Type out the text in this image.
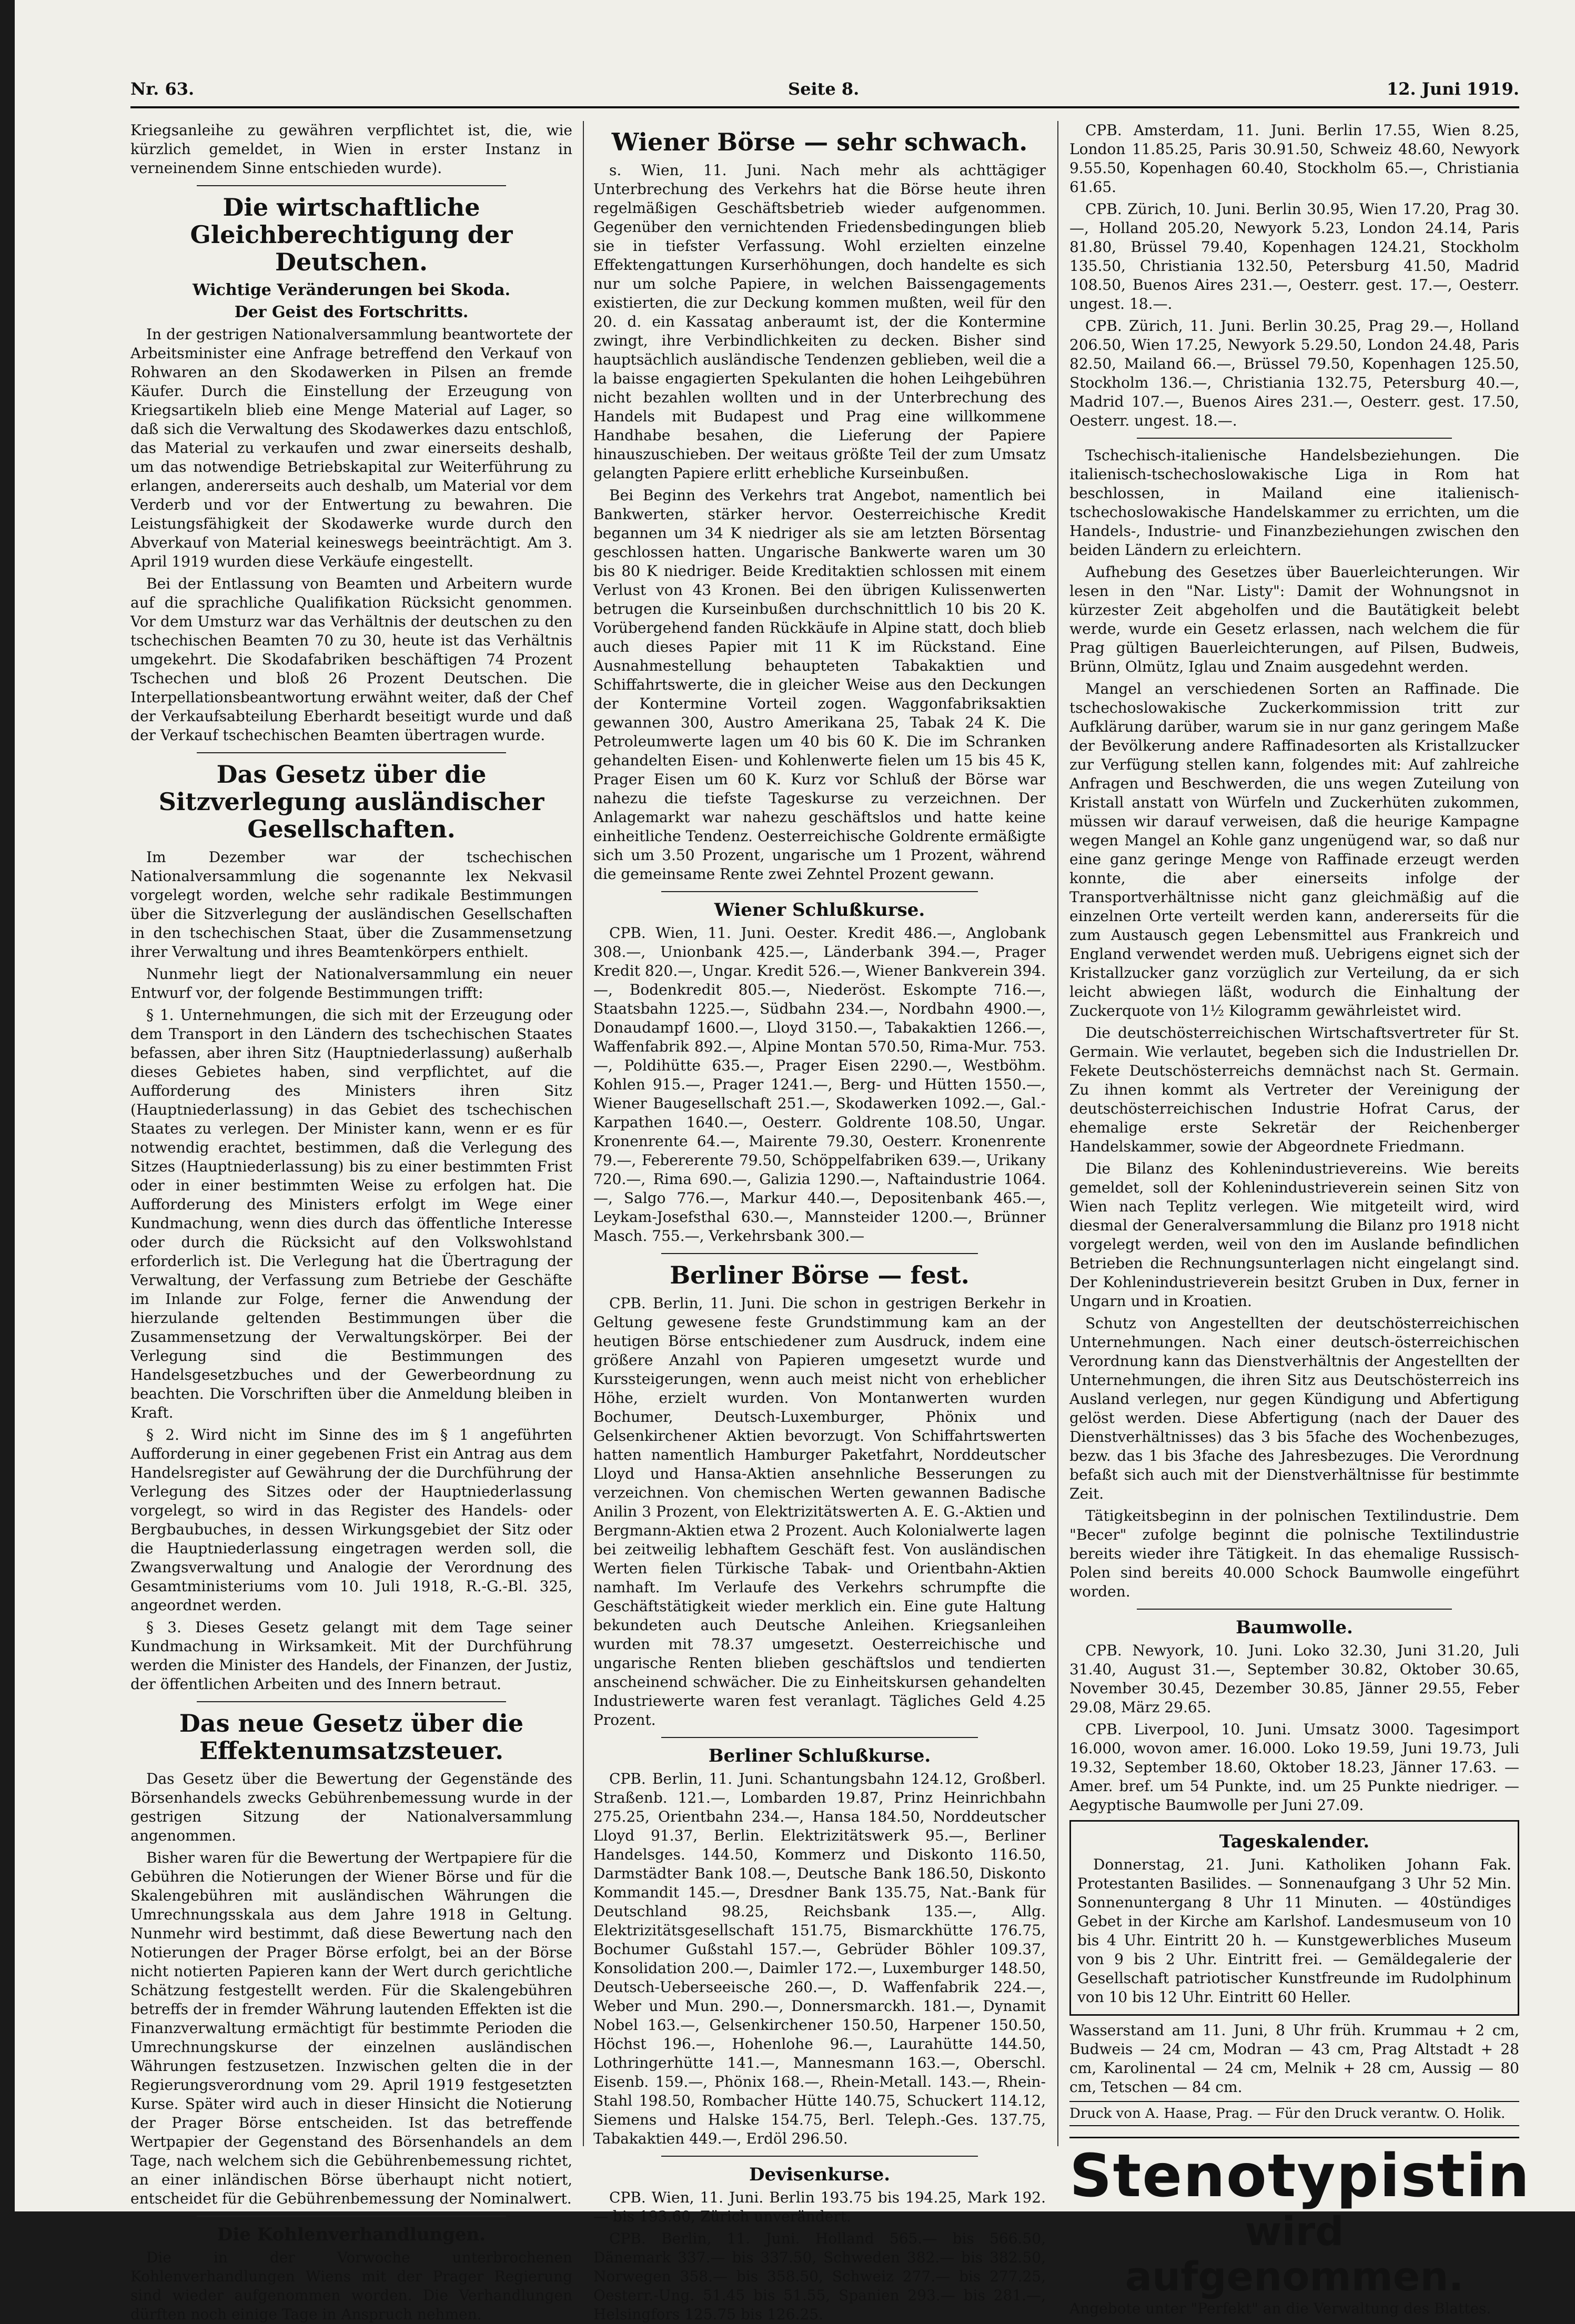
Nr. 63.	Seite 8.	12. Juni 1919.

Kriegsanleihe zu gewähren verpflichtet ist, die, wie kürzlich gemeldet, in Wien in erster Instanz in verneinendem Sinne entschieden wurde).

Die wirtschaftliche Gleichberechtigung der Deutschen.
Wichtige Veränderungen bei Skoda.
Der Geist des Fortschritts.

In der gestrigen Nationalversammlung beantwortete der Arbeitsminister eine Anfrage betreffend den Verkauf von Rohwaren an den Skodawerken in Pilsen an fremde Käufer. Durch die Einstellung der Erzeugung von Kriegsartikeln blieb eine Menge Material auf Lager, so daß sich die Verwaltung des Skodawerkes dazu entschloß, das Material zu verkaufen und zwar einerseits deshalb, um das notwendige Betriebskapital zur Weiterführung zu erlangen, andererseits auch deshalb, um Material vor dem Verderb und vor der Entwertung zu bewahren. Die Leistungsfähigkeit der Skodawerke wurde durch den Abverkauf von Material keineswegs beeinträchtigt. Am 3. April 1919 wurden diese Verkäufe eingestellt.

Bei der Entlassung von Beamten und Arbeitern wurde auf die sprachliche Qualifikation Rücksicht genommen. Vor dem Umsturz war das Verhältnis der deutschen zu den tschechischen Beamten 70 zu 30, heute ist das Verhältnis umgekehrt. Die Skodafabriken beschäftigen 74 Prozent Tschechen und bloß 26 Prozent Deutschen. Die Interpellationsbeantwortung erwähnt weiter, daß der Chef der Verkaufsabteilung Eberhardt beseitigt wurde und daß der Verkauf tschechischen Beamten übertragen wurde.

Das Gesetz über die Sitzverlegung ausländischer Gesellschaften.

Im Dezember war der tschechischen Nationalversammlung die sogenannte lex Nekvasil vorgelegt worden, welche sehr radikale Bestimmungen über die Sitzverlegung der ausländischen Gesellschaften in den tschechischen Staat, über die Zusammensetzung ihrer Verwaltung und ihres Beamtenkörpers enthielt.

Nunmehr liegt der Nationalversammlung ein neuer Entwurf vor, der folgende Bestimmungen trifft:

§ 1. Unternehmungen, die sich mit der Erzeugung oder dem Transport in den Ländern des tschechischen Staates befassen, aber ihren Sitz (Hauptniederlassung) außerhalb dieses Gebietes haben, sind verpflichtet, auf die Aufforderung des Ministers ihren Sitz (Hauptniederlassung) in das Gebiet des tschechischen Staates zu verlegen. Der Minister kann, wenn er es für notwendig erachtet, bestimmen, daß die Verlegung des Sitzes (Hauptniederlassung) bis zu einer bestimmten Frist oder in einer bestimmten Weise zu erfolgen hat. Die Aufforderung des Ministers erfolgt im Wege einer Kundmachung, wenn dies durch das öffentliche Interesse oder durch die Rücksicht auf den Volkswohlstand erforderlich ist. Die Verlegung hat die Übertragung der Verwaltung, der Verfassung zum Betriebe der Geschäfte im Inlande zur Folge, ferner die Anwendung der hierzulande geltenden Bestimmungen über die Zusammensetzung der Verwaltungskörper. Bei der Verlegung sind die Bestimmungen des Handelsgesetzbuches und der Gewerbeordnung zu beachten. Die Vorschriften über die Anmeldung bleiben in Kraft.

§ 2. Wird nicht im Sinne des im § 1 angeführten Aufforderung in einer gegebenen Frist ein Antrag aus dem Handelsregister auf Gewährung der die Durchführung der Verlegung des Sitzes oder der Hauptniederlassung vorgelegt, so wird in das Register des Handels- oder Bergbaubuches, in dessen Wirkungsgebiet der Sitz oder die Hauptniederlassung eingetragen werden soll, die Zwangsverwaltung und Analogie der Verordnung des Gesamtministeriums vom 10. Juli 1918, R.-G.-Bl. 325, angeordnet werden.

§ 3. Dieses Gesetz gelangt mit dem Tage seiner Kundmachung in Wirksamkeit. Mit der Durchführung werden die Minister des Handels, der Finanzen, der Justiz, der öffentlichen Arbeiten und des Innern betraut.

Das neue Gesetz über die Effektenumsatzsteuer.

Das Gesetz über die Bewertung der Gegenstände des Börsenhandels zwecks Gebührenbemessung wurde in der gestrigen Sitzung der Nationalversammlung angenommen.

Bisher waren für die Bewertung der Wertpapiere für die Gebühren die Notierungen der Wiener Börse und für die Skalengebühren mit ausländischen Währungen die Umrechnungsskala aus dem Jahre 1918 in Geltung. Nunmehr wird bestimmt, daß diese Bewertung nach den Notierungen der Prager Börse erfolgt, bei an der Börse nicht notierten Papieren kann der Wert durch gerichtliche Schätzung festgestellt werden. Für die Skalengebühren betreffs der in fremder Währung lautenden Effekten ist die Finanzverwaltung ermächtigt für bestimmte Perioden die Umrechnungskurse der einzelnen ausländischen Währungen festzusetzen. Inzwischen gelten die in der Regierungsverordnung vom 29. April 1919 festgesetzten Kurse. Später wird auch in dieser Hinsicht die Notierung der Prager Börse entscheiden. Ist das betreffende Wertpapier der Gegenstand des Börsenhandels an dem Tage, nach welchem sich die Gebührenbemessung richtet, an einer inländischen Börse überhaupt nicht notiert, entscheidet für die Gebührenbemessung der Nominalwert.

Die Kohlenverhandlungen.

Die in der Vorwoche unterbrochenen Kohlenverhandlungen Wiens mit der Prager Regierung sind wieder aufgenommen worden. Die Verhandlungen dürften noch einige Tage in Anspruch nehmen.

Wiener Börse — sehr schwach.

s. Wien, 11. Juni. Nach mehr als achttägiger Unterbrechung des Verkehrs hat die Börse heute ihren regelmäßigen Geschäftsbetrieb wieder aufgenommen. Gegenüber den vernichtenden Friedensbedingungen blieb sie in tiefster Verfassung. Wohl erzielten einzelne Effektengattungen Kurserhöhungen, doch handelte es sich nur um solche Papiere, in welchen Baissengagements existierten, die zur Deckung kommen mußten, weil für den 20. d. ein Kassatag anberaumt ist, der die Kontermine zwingt, ihre Verbindlichkeiten zu decken. Bisher sind hauptsächlich ausländische Tendenzen geblieben, weil die a la baisse engagierten Spekulanten die hohen Leihgebühren nicht bezahlen wollten und in der Unterbrechung des Handels mit Budapest und Prag eine willkommene Handhabe besahen, die Lieferung der Papiere hinauszuschieben. Der weitaus größte Teil der zum Umsatz gelangten Papiere erlitt erhebliche Kurseinbußen.

Bei Beginn des Verkehrs trat Angebot, namentlich bei Bankwerten, stärker hervor. Oesterreichische Kredit begannen um 34 K niedriger als sie am letzten Börsentag geschlossen hatten. Ungarische Bankwerte waren um 30 bis 80 K niedriger. Beide Kreditaktien schlossen mit einem Verlust von 43 Kronen. Bei den übrigen Kulissenwerten betrugen die Kurseinbußen durchschnittlich 10 bis 20 K. Vorübergehend fanden Rückkäufe in Alpine statt, doch blieb auch dieses Papier mit 11 K im Rückstand. Eine Ausnahmestellung behaupteten Tabakaktien und Schiffahrtswerte, die in gleicher Weise aus den Deckungen der Kontermine Vorteil zogen. Waggonfabriksaktien gewannen 300, Austro Amerikana 25, Tabak 24 K. Die Petroleumwerte lagen um 40 bis 60 K. Die im Schranken gehandelten Eisen- und Kohlenwerte fielen um 15 bis 45 K, Prager Eisen um 60 K. Kurz vor Schluß der Börse war nahezu die tiefste Tageskurse zu verzeichnen. Der Anlagemarkt war nahezu geschäftslos und hatte keine einheitliche Tendenz. Oesterreichische Goldrente ermäßigte sich um 3.50 Prozent, ungarische um 1 Prozent, während die gemeinsame Rente zwei Zehntel Prozent gewann.

Wiener Schlußkurse.

CPB. Wien, 11. Juni. Oester. Kredit 486.—, Anglobank 308.—, Unionbank 425.—, Länderbank 394.—, Prager Kredit 820.—, Ungar. Kredit 526.—, Wiener Bankverein 394.—, Bodenkredit 805.—, Niederöst. Eskompte 716.—, Staatsbahn 1225.—, Südbahn 234.—, Nordbahn 4900.—, Donaudampf 1600.—, Lloyd 3150.—, Tabakaktien 1266.—, Waffenfabrik 892.—, Alpine Montan 570.50, Rima-Mur. 753.—, Poldihütte 635.—, Prager Eisen 2290.—, Westböhm. Kohlen 915.—, Prager 1241.—, Berg- und Hütten 1550.—, Wiener Baugesellschaft 251.—, Skodawerken 1092.—, Gal.-Karpathen 1640.—, Oesterr. Goldrente 108.50, Ungar. Kronenrente 64.—, Mairente 79.30, Oesterr. Kronenrente 79.—, Febererente 79.50, Schöppelfabriken 639.—, Urikany 720.—, Rima 690.—, Galizia 1290.—, Naftaindustrie 1064.—, Salgo 776.—, Markur 440.—, Depositenbank 465.—, Leykam-Josefsthal 630.—, Mannsteider 1200.—, Brünner Masch. 755.—, Verkehrsbank 300.—

Berliner Börse — fest.

CPB. Berlin, 11. Juni. Die schon in gestrigen Berkehr in Geltung gewesene feste Grundstimmung kam an der heutigen Börse entschiedener zum Ausdruck, indem eine größere Anzahl von Papieren umgesetzt wurde und Kurssteigerungen, wenn auch meist nicht von erheblicher Höhe, erzielt wurden. Von Montanwerten wurden Bochumer, Deutsch-Luxemburger, Phönix und Gelsenkirchener Aktien bevorzugt. Von Schiffahrtswerten hatten namentlich Hamburger Paketfahrt, Norddeutscher Lloyd und Hansa-Aktien ansehnliche Besserungen zu verzeichnen. Von chemischen Werten gewannen Badische Anilin 3 Prozent, von Elektrizitätswerten A. E. G.-Aktien und Bergmann-Aktien etwa 2 Prozent. Auch Kolonialwerte lagen bei zeitweilig lebhaftem Geschäft fest. Von ausländischen Werten fielen Türkische Tabak- und Orientbahn-Aktien namhaft. Im Verlaufe des Verkehrs schrumpfte die Geschäftstätigkeit wieder merklich ein. Eine gute Haltung bekundeten auch Deutsche Anleihen. Kriegsanleihen wurden mit 78.37 umgesetzt. Oesterreichische und ungarische Renten blieben geschäftslos und tendierten anscheinend schwächer. Die zu Einheitskursen gehandelten Industriewerte waren fest veranlagt. Tägliches Geld 4.25 Prozent.

Berliner Schlußkurse.

CPB. Berlin, 11. Juni. Schantungsbahn 124.12, Großberl. Straßenb. 121.—, Lombarden 19.87, Prinz Heinrichbahn 275.25, Orientbahn 234.—, Hansa 184.50, Norddeutscher Lloyd 91.37, Berlin. Elektrizitätswerk 95.—, Berliner Handelsges. 144.50, Kommerz und Diskonto 116.50, Darmstädter Bank 108.—, Deutsche Bank 186.50, Diskonto Kommandit 145.—, Dresdner Bank 135.75, Nat.-Bank für Deutschland 98.25, Reichsbank 135.—, Allg. Elektrizitätsgesellschaft 151.75, Bismarckhütte 176.75, Bochumer Gußstahl 157.—, Gebrüder Böhler 109.37, Konsolidation 200.—, Daimler 172.—, Luxemburger 148.50, Deutsch-Ueberseeische 260.—, D. Waffenfabrik 224.—, Weber und Mun. 290.—, Donnersmarckh. 181.—, Dynamit Nobel 163.—, Gelsenkirchener 150.50, Harpener 150.50, Höchst 196.—, Hohenlohe 96.—, Laurahütte 144.50, Lothringerhütte 141.—, Mannesmann 163.—, Oberschl. Eisenb. 159.—, Phönix 168.—, Rhein-Metall. 143.—, Rhein-Stahl 198.50, Rombacher Hütte 140.75, Schuckert 114.12, Siemens und Halske 154.75, Berl. Teleph.-Ges. 137.75, Tabakaktien 449.—, Erdöl 296.50.

Devisenkurse.

CPB. Wien, 11. Juni. Berlin 193.75 bis 194.25, Mark 192.— bis 193.60, Zürich unverändert.

CPB. Berlin, 11. Juni. Holland 565.— bis 566.50, Dänemark 337.— bis 337.50, Schweden 382.— bis 382.50, Norwegen 358.— bis 358.50, Schweiz 277.— bis 277.25, Oesterr.-Ung. 51.45 bis 51.55, Spanien 293.— bis 281.—, Helsingfors 125.75 bis 126.25.

CPB. Amsterdam, 11. Juni. Berlin 17.55, Wien 8.25, London 11.85.25, Paris 30.91.50, Schweiz 48.60, Newyork 9.55.50, Kopenhagen 60.40, Stockholm 65.—, Christiania 61.65.

CPB. Zürich, 10. Juni. Berlin 30.95, Wien 17.20, Prag 30.—, Holland 205.20, Newyork 5.23, London 24.14, Paris 81.80, Brüssel 79.40, Kopenhagen 124.21, Stockholm 135.50, Christiania 132.50, Petersburg 41.50, Madrid 108.50, Buenos Aires 231.—, Oesterr. gest. 17.—, Oesterr. ungest. 18.—.

CPB. Zürich, 11. Juni. Berlin 30.25, Prag 29.—, Holland 206.50, Wien 17.25, Newyork 5.29.50, London 24.48, Paris 82.50, Mailand 66.—, Brüssel 79.50, Kopenhagen 125.50, Stockholm 136.—, Christiania 132.75, Petersburg 40.—, Madrid 107.—, Buenos Aires 231.—, Oesterr. gest. 17.50, Oesterr. ungest. 18.—.

Tschechisch-italienische Handelsbeziehungen. Die italienisch-tschechoslowakische Liga in Rom hat beschlossen, in Mailand eine italienisch-tschechoslowakische Handelskammer zu errichten, um die Handels-, Industrie- und Finanzbeziehungen zwischen den beiden Ländern zu erleichtern.

Aufhebung des Gesetzes über Bauerleichterungen. Wir lesen in den "Nar. Listy": Damit der Wohnungsnot in kürzester Zeit abgeholfen und die Bautätigkeit belebt werde, wurde ein Gesetz erlassen, nach welchem die für Prag gültigen Bauerleichterungen, auf Pilsen, Budweis, Brünn, Olmütz, Iglau und Znaim ausgedehnt werden.

Mangel an verschiedenen Sorten an Raffinade. Die tschechoslowakische Zuckerkommission tritt zur Aufklärung darüber, warum sie in nur ganz geringem Maße der Bevölkerung andere Raffinadesorten als Kristallzucker zur Verfügung stellen kann, folgendes mit: Auf zahlreiche Anfragen und Beschwerden, die uns wegen Zuteilung von Kristall anstatt von Würfeln und Zuckerhüten zukommen, müssen wir darauf verweisen, daß die heurige Kampagne wegen Mangel an Kohle ganz ungenügend war, so daß nur eine ganz geringe Menge von Raffinade erzeugt werden konnte, die aber einerseits infolge der Transportverhältnisse nicht ganz gleichmäßig auf die einzelnen Orte verteilt werden kann, andererseits für die zum Austausch gegen Lebensmittel aus Frankreich und England verwendet werden muß. Uebrigens eignet sich der Kristallzucker ganz vorzüglich zur Verteilung, da er sich leicht abwiegen läßt, wodurch die Einhaltung der Zuckerquote von 1½ Kilogramm gewährleistet wird.

Die deutschösterreichischen Wirtschaftsvertreter für St. Germain. Wie verlautet, begeben sich die Industriellen Dr. Fekete Deutschösterreichs demnächst nach St. Germain. Zu ihnen kommt als Vertreter der Vereinigung der deutschösterreichischen Industrie Hofrat Carus, der ehemalige erste Sekretär der Reichenberger Handelskammer, sowie der Abgeordnete Friedmann.

Die Bilanz des Kohlenindustrievereins. Wie bereits gemeldet, soll der Kohlenindustrieverein seinen Sitz von Wien nach Teplitz verlegen. Wie mitgeteilt wird, wird diesmal der Generalversammlung die Bilanz pro 1918 nicht vorgelegt werden, weil von den im Auslande befindlichen Betrieben die Rechnungsunterlagen nicht eingelangt sind. Der Kohlenindustrieverein besitzt Gruben in Dux, ferner in Ungarn und in Kroatien.

Schutz von Angestellten der deutschösterreichischen Unternehmungen. Nach einer deutsch-österreichischen Verordnung kann das Dienstverhältnis der Angestellten der Unternehmungen, die ihren Sitz aus Deutschösterreich ins Ausland verlegen, nur gegen Kündigung und Abfertigung gelöst werden. Diese Abfertigung (nach der Dauer des Dienstverhältnisses) das 3 bis 5fache des Wochenbezuges, bezw. das 1 bis 3fache des Jahresbezuges. Die Verordnung befaßt sich auch mit der Dienstverhältnisse für bestimmte Zeit.

Tätigkeitsbeginn in der polnischen Textilindustrie. Dem "Becer" zufolge beginnt die polnische Textilindustrie bereits wieder ihre Tätigkeit. In das ehemalige Russisch-Polen sind bereits 40.000 Schock Baumwolle eingeführt worden.

Baumwolle.

CPB. Newyork, 10. Juni. Loko 32.30, Juni 31.20, Juli 31.40, August 31.—, September 30.82, Oktober 30.65, November 30.45, Dezember 30.85, Jänner 29.55, Feber 29.08, März 29.65.

CPB. Liverpool, 10. Juni. Umsatz 3000. Tagesimport 16.000, wovon amer. 16.000. Loko 19.59, Juni 19.73, Juli 19.32, September 18.60, Oktober 18.23, Jänner 17.63. — Amer. bref. um 54 Punkte, ind. um 25 Punkte niedriger. — Aegyptische Baumwolle per Juni 27.09.

Tageskalender.

Donnerstag, 21. Juni. Katholiken Johann Fak. Protestanten Basilides. — Sonnenaufgang 3 Uhr 52 Min. Sonnenuntergang 8 Uhr 11 Minuten. — 40stündiges Gebet in der Kirche am Karlshof. Landesmuseum von 10 bis 4 Uhr. Eintritt 20 h. — Kunstgewerbliches Museum von 9 bis 2 Uhr. Eintritt frei. — Gemäldegalerie der Gesellschaft patriotischer Kunstfreunde im Rudolphinum von 10 bis 12 Uhr. Eintritt 60 Heller.

Wasserstand am 11. Juni, 8 Uhr früh. Krummau + 2 cm, Budweis — 24 cm, Modran — 43 cm, Prag Altstadt + 28 cm, Karolinental — 24 cm, Melnik + 28 cm, Aussig — 80 cm, Tetschen — 84 cm.

Druck von A. Haase, Prag. — Für den Druck verantw. O. Holik.
Stenotypistin
wird aufgenommen.
Angebote unter "Perfekt" an die Verwaltung des Blattes.
